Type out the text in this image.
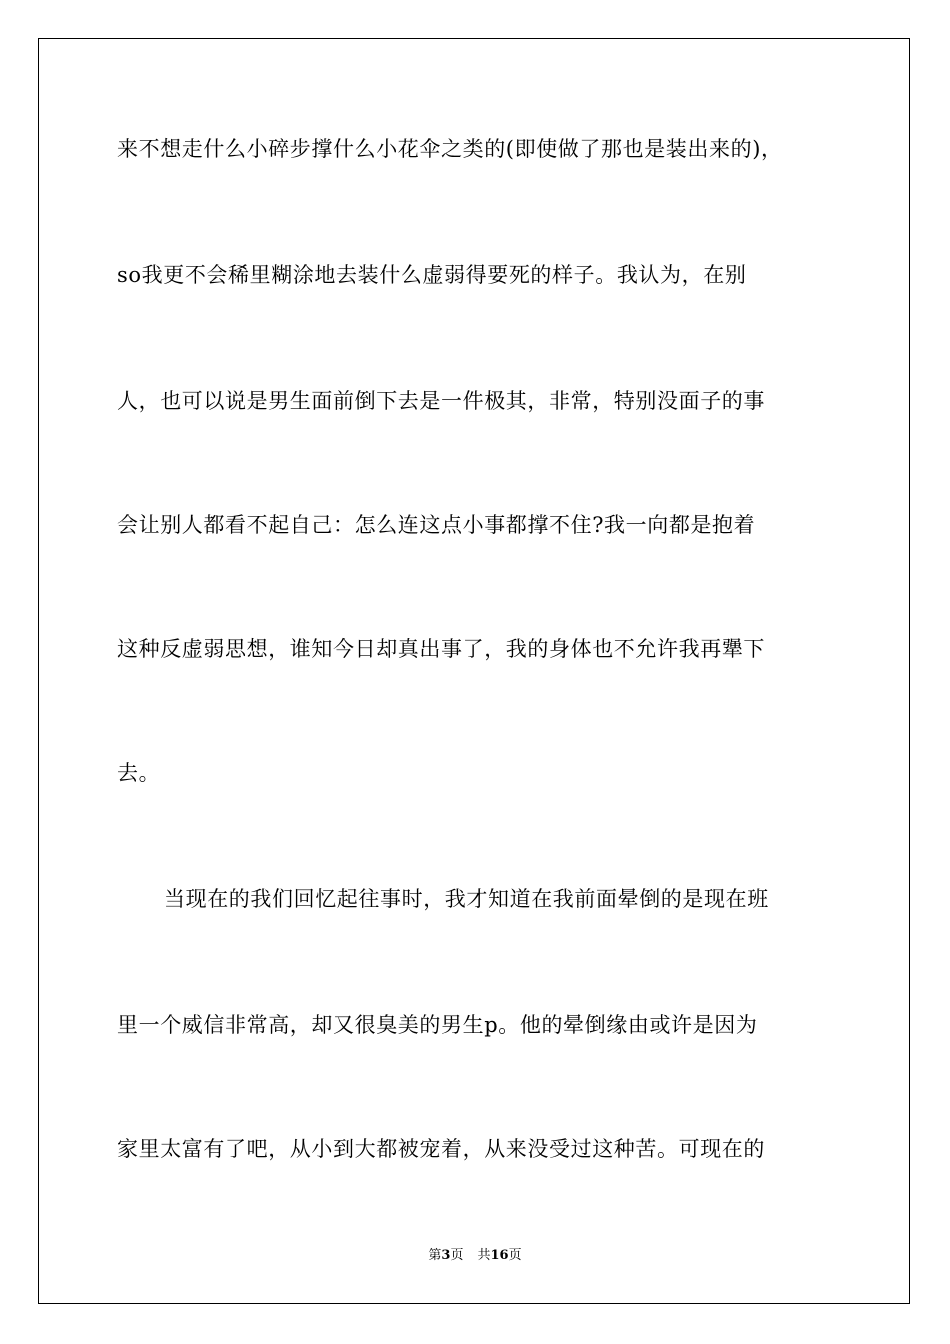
来不想走什么小碎步撑什么小花伞之类的(即使做了那也是装出来的)，
so我更不会稀里糊涂地去装什么虚弱得要死的样子。我认为，在别
人，也可以说是男生面前倒下去是一件极其，非常，特别没面子的事
会让别人都看不起自己：怎么连这点小事都撑不住?我一向都是抱着
这种反虚弱思想，谁知今日却真出事了，我的身体也不允许我再犟下
去。
当现在的我们回忆起往事时，我才知道在我前面晕倒的是现在班
里一个威信非常高，却又很臭美的男生p。他的晕倒缘由或许是因为
家里太富有了吧，从小到大都被宠着，从来没受过这种苦。可现在的
第3页 共16页
